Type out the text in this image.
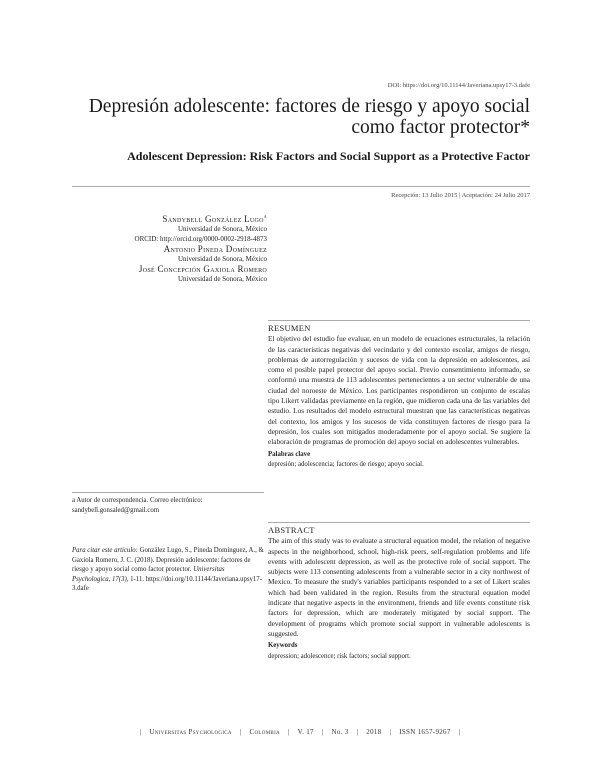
DOI: https://doi.org/10.11144/Javeriana.upsy17-3.dafe
Depresión adolescente: factores de riesgo y apoyo social como factor protector*
Adolescent Depression: Risk Factors and Social Support as a Protective Factor
Recepción: 13 Julio 2015 | Aceptación: 24 Julio 2017
Sandybell González Lugo$^a$
Universidad de Sonora, México
ORCID: http://orcid.org/0000-0002-2918-4873
Antonio Pineda Domínguez
Universidad de Sonora, México
José Concepción Gaxiola Romero
Universidad de Sonora, México
RESUMEN

El objetivo del estudio fue evaluar, en un modelo de ecuaciones estructurales, la relación de las características negativas del vecindario y del contexto escolar, amigos de riesgo, problemas de autorregulación y sucesos de vida con la depresión en adolescentes, así como el posible papel protector del apoyo social. Previo consentimiento informado, se conformó una muestra de 113 adolescentes pertenecientes a un sector vulnerable de una ciudad del noroeste de México. Los participantes respondieron un conjunto de escalas tipo Likert validadas previamente en la región, que midieron cada una de las variables del estudio. Los resultados del modelo estructural muestran que las características negativas del contexto, los amigos y los sucesos de vida constituyen factores de riesgo para la depresión, los cuales son mitigados moderadamente por el apoyo social. Se sugiere la elaboración de programas de promoción del apoyo social en adolescentes vulnerables.

Palabras clave
depresión; adolescencia; factores de riesgo; apoyo social.
a Autor de correspondencia. Correo electrónico: sandybell.gonsaled@gmail.com
Para citar este artículo: González Lugo, S., Pineda Domínguez, A., & Gaxiola Romero, J. C. (2018). Depresión adolescente: factores de riesgo y apoyo social como factor protector. Universitas Psychologica, 17(3), 1-11. https://doi.org/10.11144/Javeriana.upsy17-3.dafe
ABSTRACT

The aim of this study was to evaluate a structural equation model, the relation of negative aspects in the neighborhood, school, high-risk peers, self-regulation problems and life events with adolescent depression, as well as the protective role of social support. The subjects were 113 consenting adolescents from a vulnerable sector in a city northwest of Mexico. To measure the study's variables participants responded to a set of Likert scales which had been validated in the region. Results from the structural equation model indicate that negative aspects in the environment, friends and life events constitute risk factors for depression, which are moderately mitigated by social support. The development of programs which promote social support in vulnerable adolescents is suggested.

Keywords
depression; adolescence; risk factors; social support.
| Universitas Psychologica | Colombia | V. 17 | No. 3 | 2018 | ISSN 1657-9267 |
